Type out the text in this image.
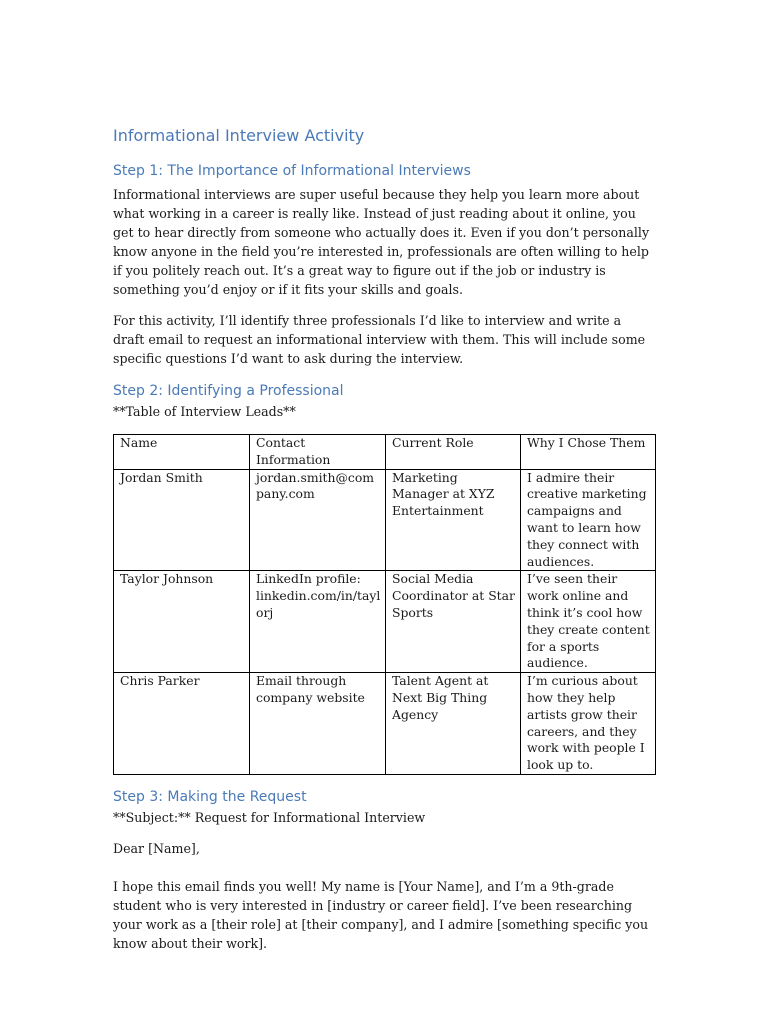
Informational Interview Activity
Step 1: The Importance of Informational Interviews

Informational interviews are super useful because they help you learn more about what working in a career is really like. Instead of just reading about it online, you get to hear directly from someone who actually does it. Even if you don’t personally know anyone in the field you’re interested in, professionals are often willing to help if you politely reach out. It’s a great way to figure out if the job or industry is something you’d enjoy or if it fits your skills and goals.

For this activity, I’ll identify three professionals I’d like to interview and write a draft email to request an informational interview with them. This will include some specific questions I’d want to ask during the interview.

Step 2: Identifying a Professional

**Table of Interview Leads**

Name	Contact Information	Current Role	Why I Chose Them
Jordan Smith	jordan.smith@company.com	Marketing Manager at XYZ Entertainment	I admire their creative marketing campaigns and want to learn how they connect with audiences.
Taylor Johnson	LinkedIn profile: linkedin.com/in/taylorj	Social Media Coordinator at Star Sports	I’ve seen their work online and think it’s cool how they create content for a sports audience.
Chris Parker	Email through company website	Talent Agent at Next Big Thing Agency	I’m curious about how they help artists grow their careers, and they work with people I look up to.
Step 3: Making the Request

**Subject:** Request for Informational Interview

Dear [Name],

I hope this email finds you well! My name is [Your Name], and I’m a 9th-grade student who is very interested in [industry or career field]. I’ve been researching your work as a [their role] at [their company], and I admire [something specific you know about their work].
